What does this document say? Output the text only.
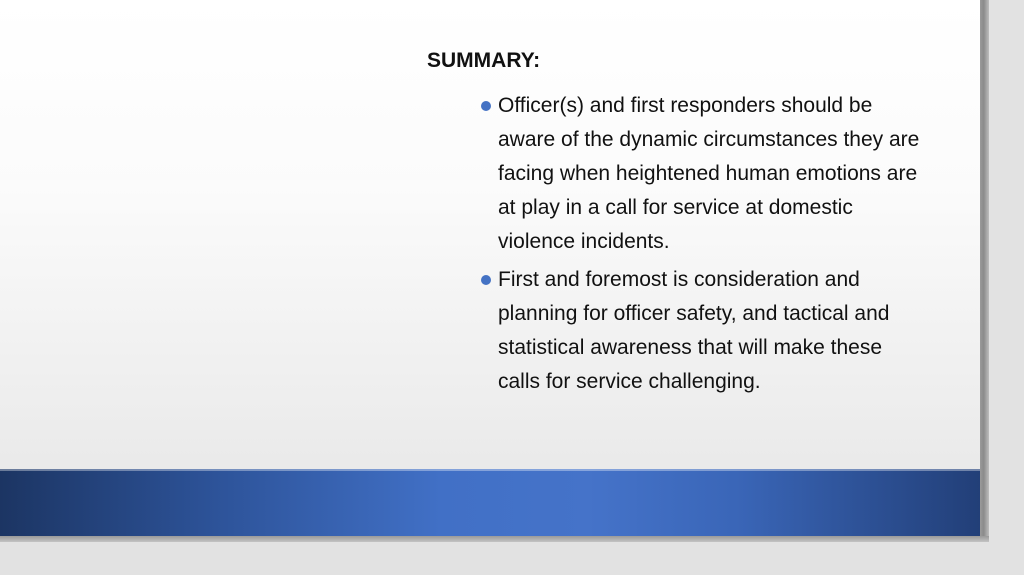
SUMMARY:
Officer(s) and first responders should be aware of the dynamic circumstances they are facing when heightened human emotions are at play in a call for service at domestic violence incidents.
First and foremost is consideration and planning for officer safety, and tactical and statistical awareness that will make these calls for service challenging.
